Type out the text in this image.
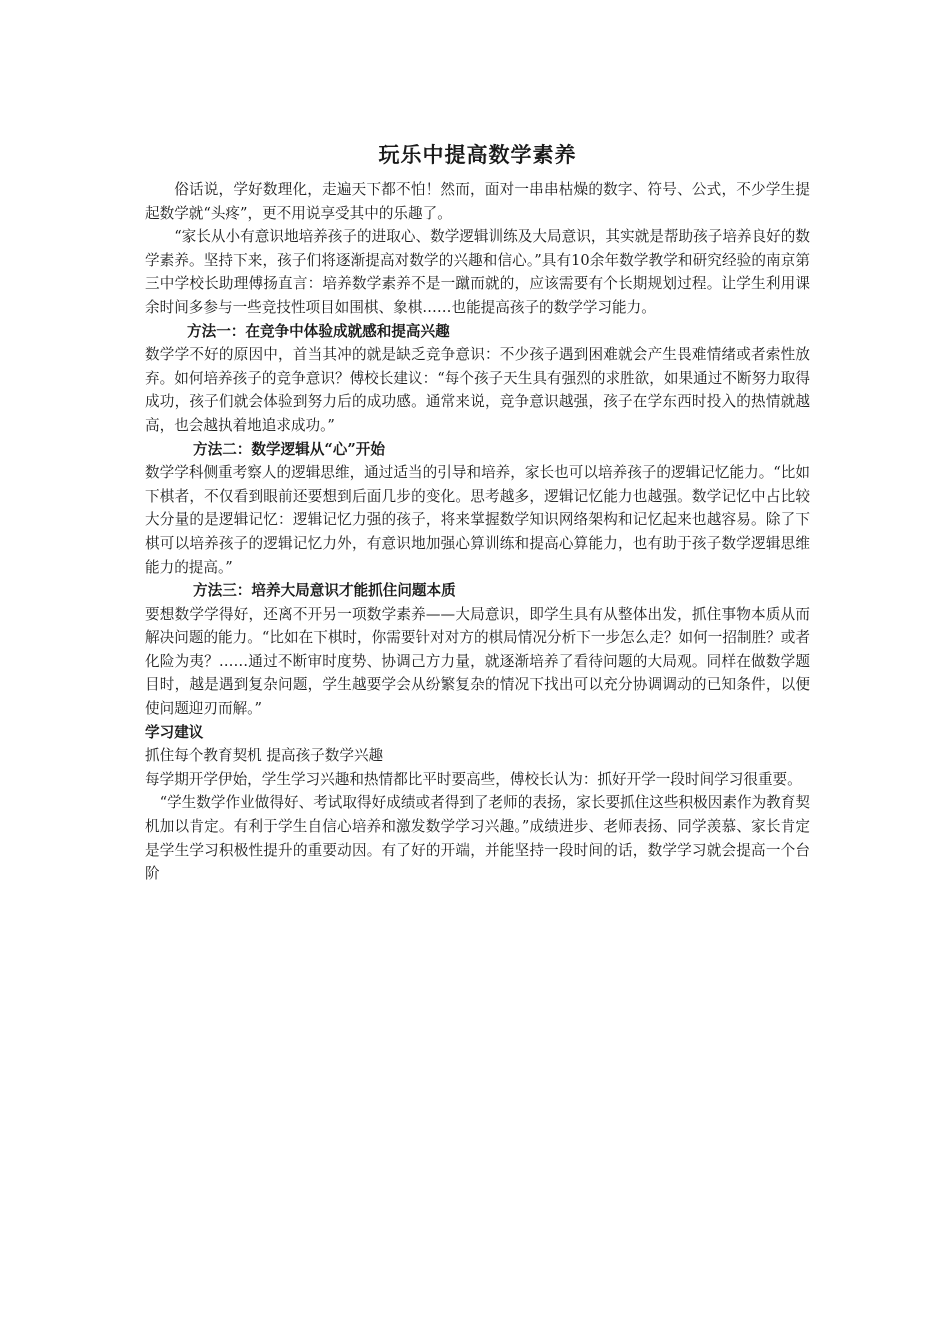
玩乐中提高数学素养

俗话说，学好数理化，走遍天下都不怕！然而，面对一串串枯燥的数字、符号、公式，不少学生提起数学就“头疼”，更不用说享受其中的乐趣了。

“家长从小有意识地培养孩子的进取心、数学逻辑训练及大局意识，其实就是帮助孩子培养良好的数学素养。坚持下来，孩子们将逐渐提高对数学的兴趣和信心。”具有10余年数学教学和研究经验的南京第三中学校长助理傅扬直言：培养数学素养不是一蹴而就的，应该需要有个长期规划过程。让学生利用课余时间多参与一些竞技性项目如围棋、象棋……也能提高孩子的数学学习能力。

方法一：在竞争中体验成就感和提高兴趣

数学学不好的原因中，首当其冲的就是缺乏竞争意识：不少孩子遇到困难就会产生畏难情绪或者索性放弃。如何培养孩子的竞争意识？傅校长建议：“每个孩子天生具有强烈的求胜欲，如果通过不断努力取得成功，孩子们就会体验到努力后的成功感。通常来说，竞争意识越强，孩子在学东西时投入的热情就越高，也会越执着地追求成功。”

方法二：数学逻辑从“心”开始

数学学科侧重考察人的逻辑思维，通过适当的引导和培养，家长也可以培养孩子的逻辑记忆能力。“比如下棋者，不仅看到眼前还要想到后面几步的变化。思考越多，逻辑记忆能力也越强。数学记忆中占比较大分量的是逻辑记忆：逻辑记忆力强的孩子，将来掌握数学知识网络架构和记忆起来也越容易。除了下棋可以培养孩子的逻辑记忆力外，有意识地加强心算训练和提高心算能力，也有助于孩子数学逻辑思维能力的提高。”

方法三：培养大局意识才能抓住问题本质

要想数学学得好，还离不开另一项数学素养——大局意识，即学生具有从整体出发，抓住事物本质从而解决问题的能力。“比如在下棋时，你需要针对对方的棋局情况分析下一步怎么走？如何一招制胜？或者化险为夷？……通过不断审时度势、协调己方力量，就逐渐培养了看待问题的大局观。同样在做数学题目时，越是遇到复杂问题，学生越要学会从纷繁复杂的情况下找出可以充分协调调动的已知条件，以便使问题迎刃而解。”

学习建议

抓住每个教育契机 提高孩子数学兴趣

每学期开学伊始，学生学习兴趣和热情都比平时要高些，傅校长认为：抓好开学一段时间学习很重要。

“学生数学作业做得好、考试取得好成绩或者得到了老师的表扬，家长要抓住这些积极因素作为教育契机加以肯定。有利于学生自信心培养和激发数学学习兴趣。”成绩进步、老师表扬、同学羡慕、家长肯定是学生学习积极性提升的重要动因。有了好的开端，并能坚持一段时间的话，数学学习就会提高一个台阶
